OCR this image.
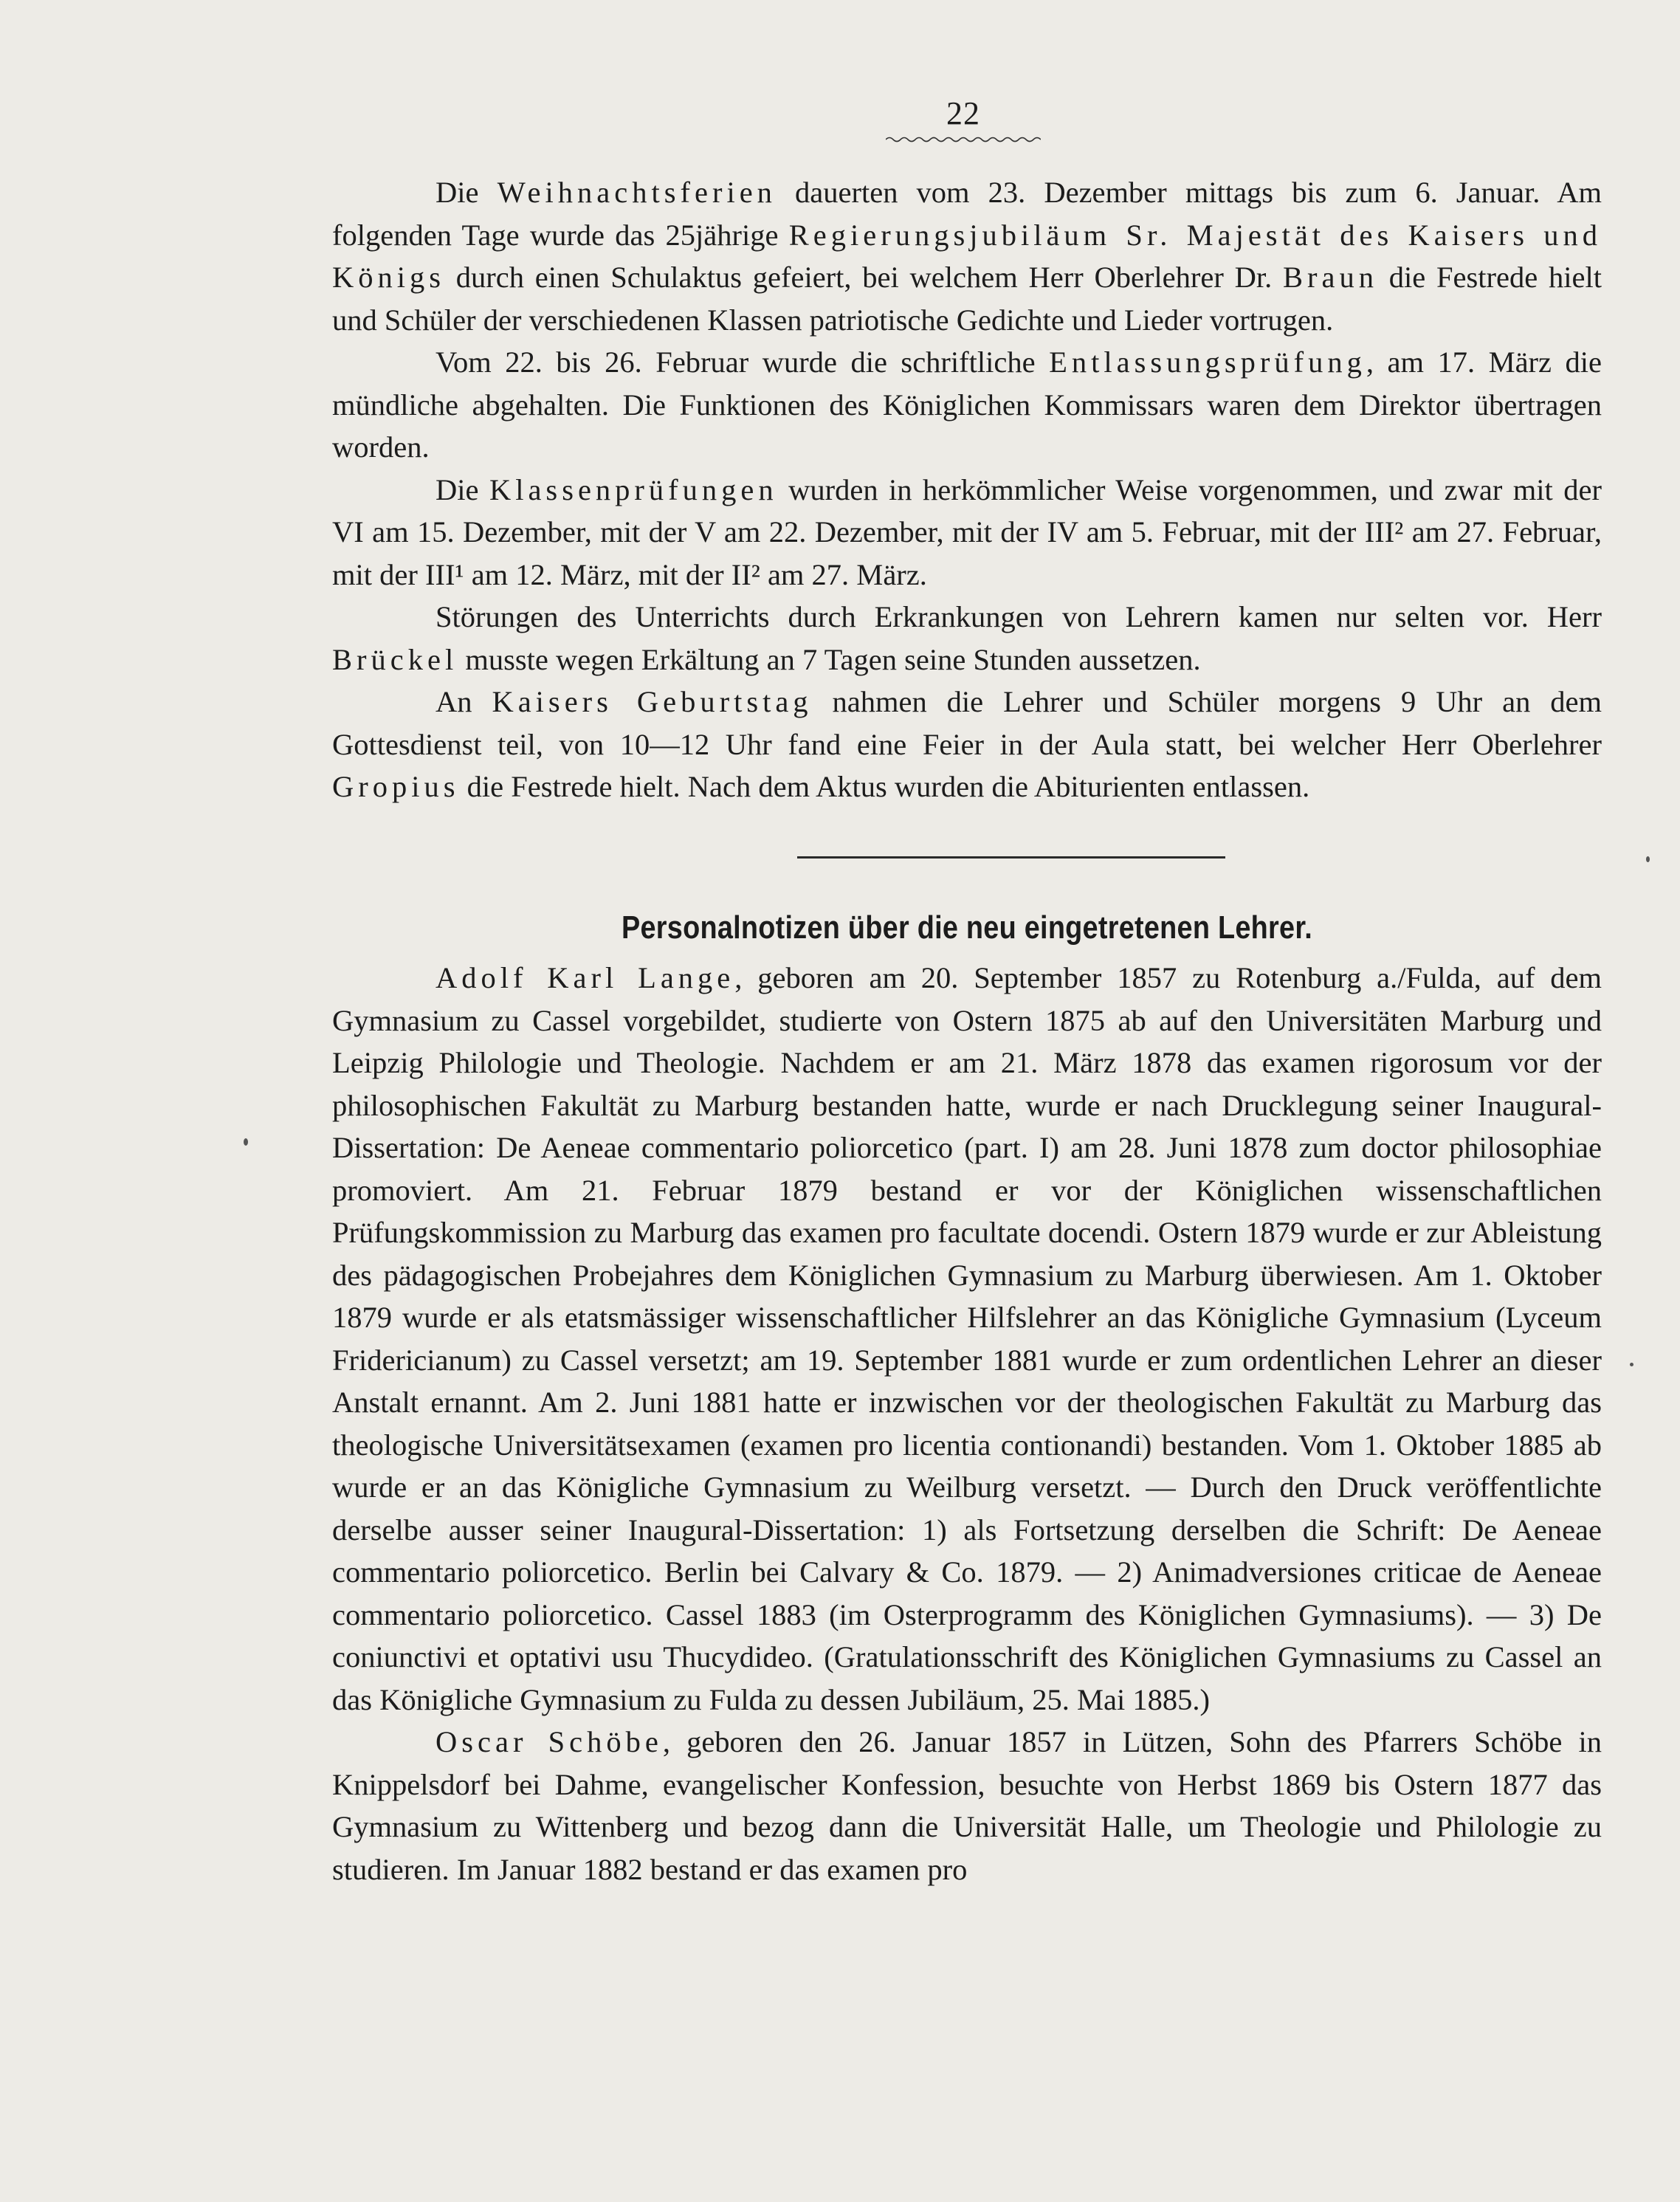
22

Die Weihnachtsferien dauerten vom 23. Dezember mittags bis zum 6. Januar. Am folgenden Tage wurde das 25jährige Regierungsjubiläum Sr. Majestät des Kaisers und Königs durch einen Schulaktus gefeiert, bei welchem Herr Oberlehrer Dr. Braun die Festrede hielt und Schüler der verschiedenen Klassen patriotische Gedichte und Lieder vortrugen.

Vom 22. bis 26. Februar wurde die schriftliche Entlassungsprüfung, am 17. März die mündliche abgehalten. Die Funktionen des Königlichen Kommissars waren dem Direktor übertragen worden.

Die Klassenprüfungen wurden in herkömmlicher Weise vorgenommen, und zwar mit der VI am 15. Dezember, mit der V am 22. Dezember, mit der IV am 5. Februar, mit der III² am 27. Februar, mit der III¹ am 12. März, mit der II² am 27. März.

Störungen des Unterrichts durch Erkrankungen von Lehrern kamen nur selten vor. Herr Brückel musste wegen Erkältung an 7 Tagen seine Stunden aussetzen.

An Kaisers Geburtstag nahmen die Lehrer und Schüler morgens 9 Uhr an dem Gottesdienst teil, von 10—12 Uhr fand eine Feier in der Aula statt, bei welcher Herr Oberlehrer Gropius die Festrede hielt. Nach dem Aktus wurden die Abiturienten entlassen.

Personalnotizen über die neu eingetretenen Lehrer.

Adolf Karl Lange, geboren am 20. September 1857 zu Rotenburg a./Fulda, auf dem Gymnasium zu Cassel vorgebildet, studierte von Ostern 1875 ab auf den Universitäten Marburg und Leipzig Philologie und Theologie. Nachdem er am 21. März 1878 das examen rigorosum vor der philosophischen Fakultät zu Marburg bestanden hatte, wurde er nach Drucklegung seiner Inaugural-Dissertation: De Aeneae commentario poliorcetico (part. I) am 28. Juni 1878 zum doctor philosophiae promoviert. Am 21. Februar 1879 bestand er vor der Königlichen wissenschaftlichen Prüfungskommission zu Marburg das examen pro facultate docendi. Ostern 1879 wurde er zur Ableistung des pädagogischen Probejahres dem Königlichen Gymnasium zu Marburg überwiesen. Am 1. Oktober 1879 wurde er als etatsmässiger wissenschaftlicher Hilfslehrer an das Königliche Gymnasium (Lyceum Fridericianum) zu Cassel versetzt; am 19. September 1881 wurde er zum ordentlichen Lehrer an dieser Anstalt ernannt. Am 2. Juni 1881 hatte er inzwischen vor der theologischen Fakultät zu Marburg das theologische Universitätsexamen (examen pro licentia contionandi) bestanden. Vom 1. Oktober 1885 ab wurde er an das Königliche Gymnasium zu Weilburg versetzt. — Durch den Druck veröffentlichte derselbe ausser seiner Inaugural-Dissertation: 1) als Fortsetzung derselben die Schrift: De Aeneae commentario poliorcetico. Berlin bei Calvary & Co. 1879. — 2) Animadversiones criticae de Aeneae commentario poliorcetico. Cassel 1883 (im Osterprogramm des Königlichen Gymnasiums). — 3) De coniunctivi et optativi usu Thucydideo. (Gratulationsschrift des Königlichen Gymnasiums zu Cassel an das Königliche Gymnasium zu Fulda zu dessen Jubiläum, 25. Mai 1885.)

Oscar Schöbe, geboren den 26. Januar 1857 in Lützen, Sohn des Pfarrers Schöbe in Knippelsdorf bei Dahme, evangelischer Konfession, besuchte von Herbst 1869 bis Ostern 1877 das Gymnasium zu Wittenberg und bezog dann die Universität Halle, um Theologie und Philologie zu studieren. Im Januar 1882 bestand er das examen pro
